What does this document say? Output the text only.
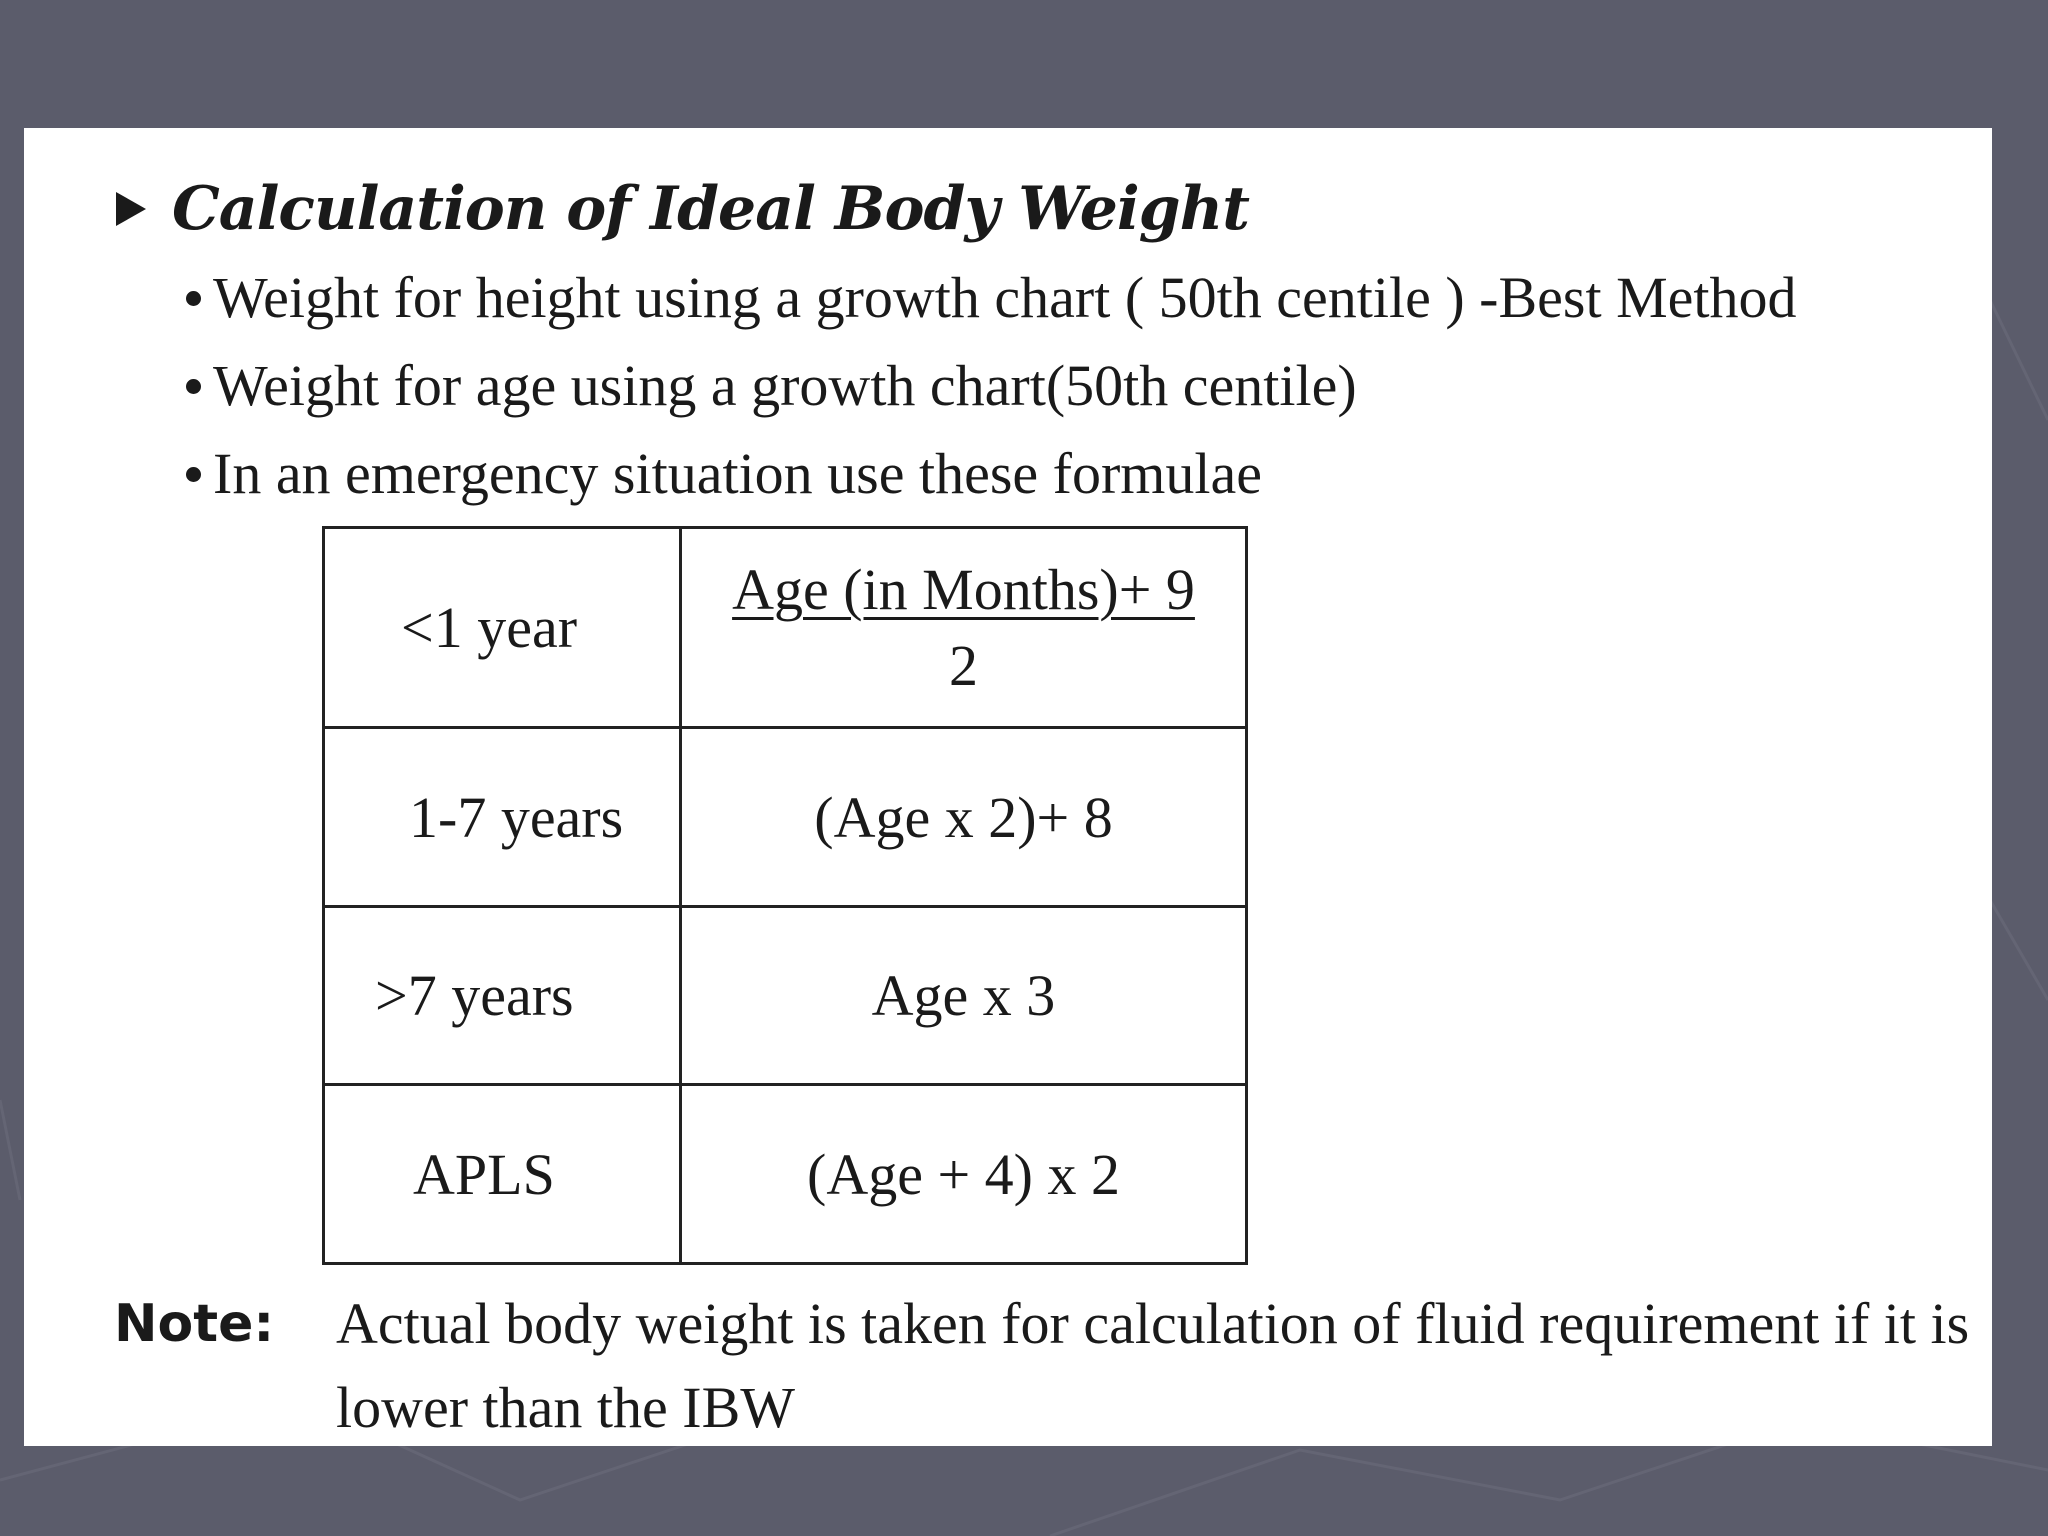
Calculation of Ideal Body Weight
Weight for height using a growth chart ( 50th centile ) -Best Method
Weight for age using a growth chart(50th centile)
In an emergency situation use these formulae
<1 year	$\frac{\text{Age (in Months)+ 9}}{2}$

1-7 years	(Age x 2)+ 8
>7 years	Age x 3
APLS	(Age + 4) x 2
Note: Actual body weight is taken for calculation of fluid requirement if it is lower than the IBW
